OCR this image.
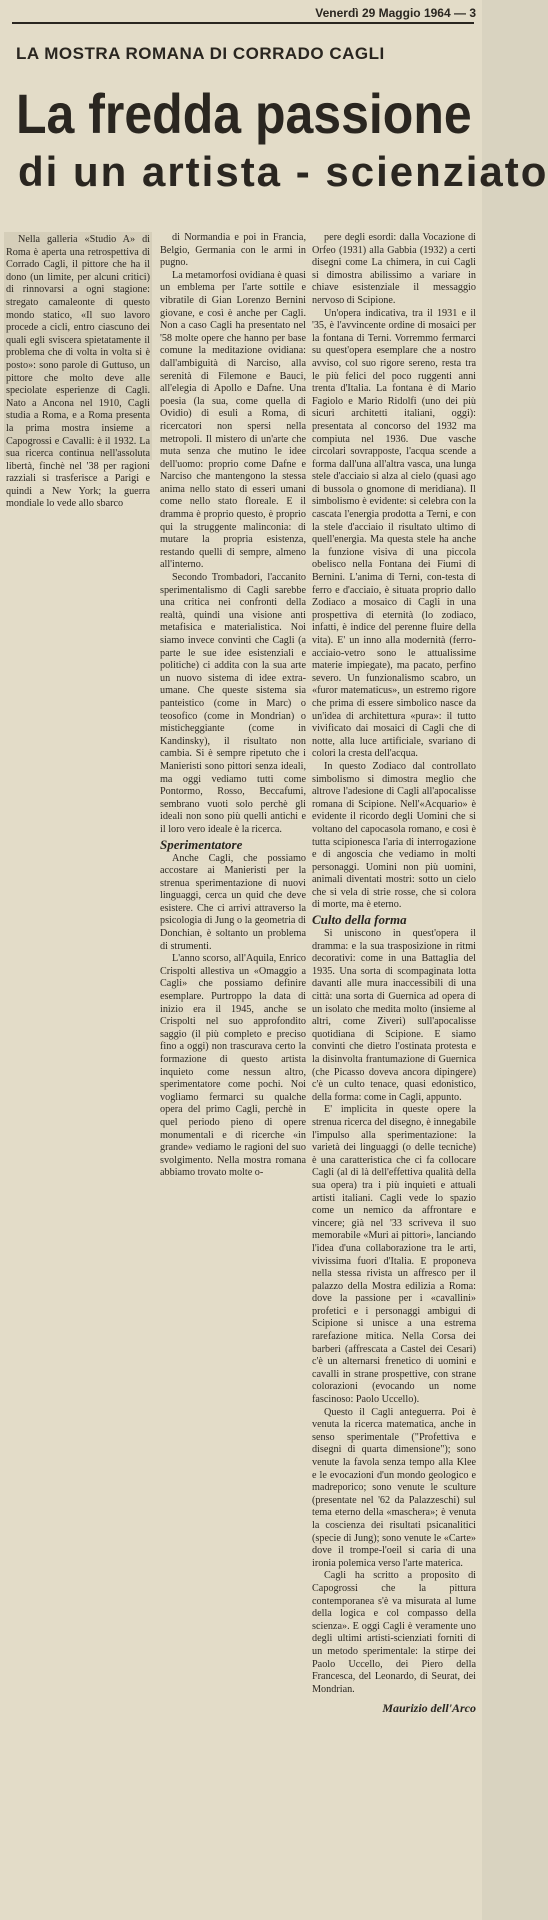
Venerdì 29 Maggio 1964 — 3
LA MOSTRA ROMANA DI CORRADO CAGLI
La fredda passione
di un artista - scienziato

Nella galleria «Studio A» di Roma è aperta una retrospettiva di Corrado Cagli, il pittore che ha il dono (un limite, per alcuni critici) di rinnovarsi a ogni stagione: stregato camaleonte di questo mondo statico, «Il suo lavoro procede a cicli, entro ciascuno dei quali egli sviscera spietatamente il problema che di volta in volta si è posto»: sono parole di Guttuso, un pittore che molto deve alle speciolate esperienze di Cagli. Nato a Ancona nel 1910, Cagli studia a Roma, e a Roma presenta la prima mostra insieme a Capogrossi e Cavalli: è il 1932. La sua ricerca continua nell'assoluta libertà, finchè nel '38 per ragioni razziali si trasferisce a Parigi e quindi a New York; la guerra mondiale lo vede allo sbarco

di Normandia e poi in Francia, Belgio, Germania con le armi in pugno.

La metamorfosi ovidiana è quasi un emblema per l'arte sottile e vibratile di Gian Lorenzo Bernini giovane, e così è anche per Cagli. Non a caso Cagli ha presentato nel '58 molte opere che hanno per base comune la meditazione ovidiana: dall'ambiguità di Narciso, alla serenità di Filemone e Bauci, all'elegia di Apollo e Dafne. Una poesia (la sua, come quella di Ovidio) di esuli a Roma, di ricercatori non spersi nella metropoli. Il mistero di un'arte che muta senza che mutino le idee dell'uomo: proprio come Dafne e Narciso che mantengono la stessa anima nello stato di esseri umani come nello stato floreale. E il dramma è proprio questo, è proprio qui la struggente malinconia: di mutare la propria esistenza, restando quelli di sempre, almeno all'interno.

Secondo Trombadori, l'accanito sperimentalismo di Cagli sarebbe una critica nei confronti della realtà, quindi una visione anti metafisica e materialistica. Noi siamo invece convinti che Cagli (a parte le sue idee esistenziali e politiche) ci addita con la sua arte un nuovo sistema di idee extra-umane. Che queste sistema sia panteistico (come in Marc) o teosofico (come in Mondrian) o misticheggiante (come in Kandinsky), il risultato non cambia. Si è sempre ripetuto che i Manieristi sono pittori senza ideali, ma oggi vediamo tutti come Pontormo, Rosso, Beccafumi, sembrano vuoti solo perchè gli ideali non sono più quelli antichi e il loro vero ideale è la ricerca.

Sperimentatore

Anche Cagli, che possiamo accostare ai Manieristi per la strenua sperimentazione di nuovi linguaggi, cerca un quid che deve esistere. Che ci arrivi attraverso la psicologia di Jung o la geometria di Donchian, è soltanto un problema di strumenti.

L'anno scorso, all'Aquila, Enrico Crispolti allestiva un «Omaggio a Cagli» che possiamo definire esemplare. Purtroppo la data di inizio era il 1945, anche se Crispolti nel suo approfondito saggio (il più completo e preciso fino a oggi) non trascurava certo la formazione di questo artista inquieto come nessun altro, sperimentatore come pochi. Noi vogliamo fermarci su qualche opera del primo Cagli, perchè in quel periodo pieno di opere monumentali e di ricerche «in grande» vediamo le ragioni del suo svolgimento. Nella mostra romana abbiamo trovato molte o-

pere degli esordi: dalla Vocazione di Orfeo (1931) alla Gabbia (1932) a certi disegni come La chimera, in cui Cagli si dimostra abilissimo a variare in chiave esistenziale il messaggio nervoso di Scipione.

Un'opera indicativa, tra il 1931 e il '35, è l'avvincente ordine di mosaici per la fontana di Terni. Vorremmo fermarci su quest'opera esemplare che a nostro avviso, col suo rigore sereno, resta tra le più felici del poco ruggenti anni trenta d'Italia. La fontana è di Mario Fagiolo e Mario Ridolfi (uno dei più sicuri architetti italiani, oggi): presentata al concorso del 1932 ma compiuta nel 1936. Due vasche circolari sovrapposte, l'acqua scende a forma dall'una all'altra vasca, una lunga stele d'acciaio si alza al cielo (quasi ago di bussola o gnomone di meridiana). Il simbolismo è evidente: si celebra con la cascata l'energia prodotta a Terni, e con la stele d'acciaio il risultato ultimo di quell'energia. Ma questa stele ha anche la funzione visiva di una piccola obelisco nella Fontana dei Fiumi di Bernini. L'anima di Terni, con-testa di ferro e d'acciaio, è situata proprio dallo Zodiaco a mosaico di Cagli in una prospettiva di eternità (lo zodiaco, infatti, è indice del perenne fluire della vita). E' un inno alla modernità (ferro-acciaio-vetro sono le attualissime materie impiegate), ma pacato, perfino severo. Un funzionalismo scabro, un «furor matematicus», un estremo rigore che prima di essere simbolico nasce da un'idea di architettura «pura»: il tutto vivificato dai mosaici di Cagli che di notte, alla luce artificiale, svariano di colori la cresta dell'acqua.

In questo Zodiaco dal controllato simbolismo si dimostra meglio che altrove l'adesione di Cagli all'apocalisse romana di Scipione. Nell'«Acquario» è evidente il ricordo degli Uomini che si voltano del capocasola romano, e così è tutta scipionesca l'aria di interrogazione e di angoscia che vediamo in molti personaggi. Uomini non più uomini, animali diventati mostri: sotto un cielo che si vela di strie rosse, che si colora di morte, ma è eterno.

Culto della forma

Si uniscono in quest'opera il dramma: e la sua trasposizione in ritmi decorativi: come in una Battaglia del 1935. Una sorta di scompaginata lotta davanti alle mura inaccessibili di una città: una sorta di Guernica ad opera di un isolato che medita molto (insieme al altri, come Ziveri) sull'apocalisse quotidiana di Scipione. E siamo convinti che dietro l'ostinata protesta e la disinvolta frantumazione di Guernica (che Picasso doveva ancora dipingere) c'è un culto tenace, quasi edonistico, della forma: come in Cagli, appunto.

E' implicita in queste opere la strenua ricerca del disegno, è innegabile l'impulso alla sperimentazione: la varietà dei linguaggi (o delle tecniche) è una caratteristica che ci fa collocare Cagli (al di là dell'effettiva qualità della sua opera) tra i più inquieti e attuali artisti italiani. Cagli vede lo spazio come un nemico da affrontare e vincere; già nel '33 scriveva il suo memorabile «Muri ai pittori», lanciando l'idea d'una collaborazione tra le arti, vivissima fuori d'Italia. E proponeva nella stessa rivista un affresco per il palazzo della Mostra edilizia a Roma: dove la passione per i «cavallini» profetici e i personaggi ambigui di Scipione si unisce a una estrema rarefazione mitica. Nella Corsa dei barberi (affrescata a Castel dei Cesari) c'è un alternarsi frenetico di uomini e cavalli in strane prospettive, con strane colorazioni (evocando un nome fascinoso: Paolo Uccello).

Questo il Cagli anteguerra. Poi è venuta la ricerca matematica, anche in senso sperimentale ("Profettiva e disegni di quarta dimensione"); sono venute la favola senza tempo alla Klee e le evocazioni d'un mondo geologico e madreporico; sono venute le sculture (presentate nel '62 da Palazzeschi) sul tema eterno della «maschera»; è venuta la coscienza dei risultati psicanalitici (specie di Jung); sono venute le «Carte» dove il trompe-l'oeil si caria di una ironia polemica verso l'arte materica.

Cagli ha scritto a proposito di Capogrossi che la pittura contemporanea s'è va misurata al lume della logica e col compasso della scienza». E oggi Cagli è veramente uno degli ultimi artisti-scienziati forniti di un metodo sperimentale: la stirpe dei Paolo Uccello, dei Piero della Francesca, del Leonardo, di Seurat, dei Mondrian.

Maurizio dell'Arco
